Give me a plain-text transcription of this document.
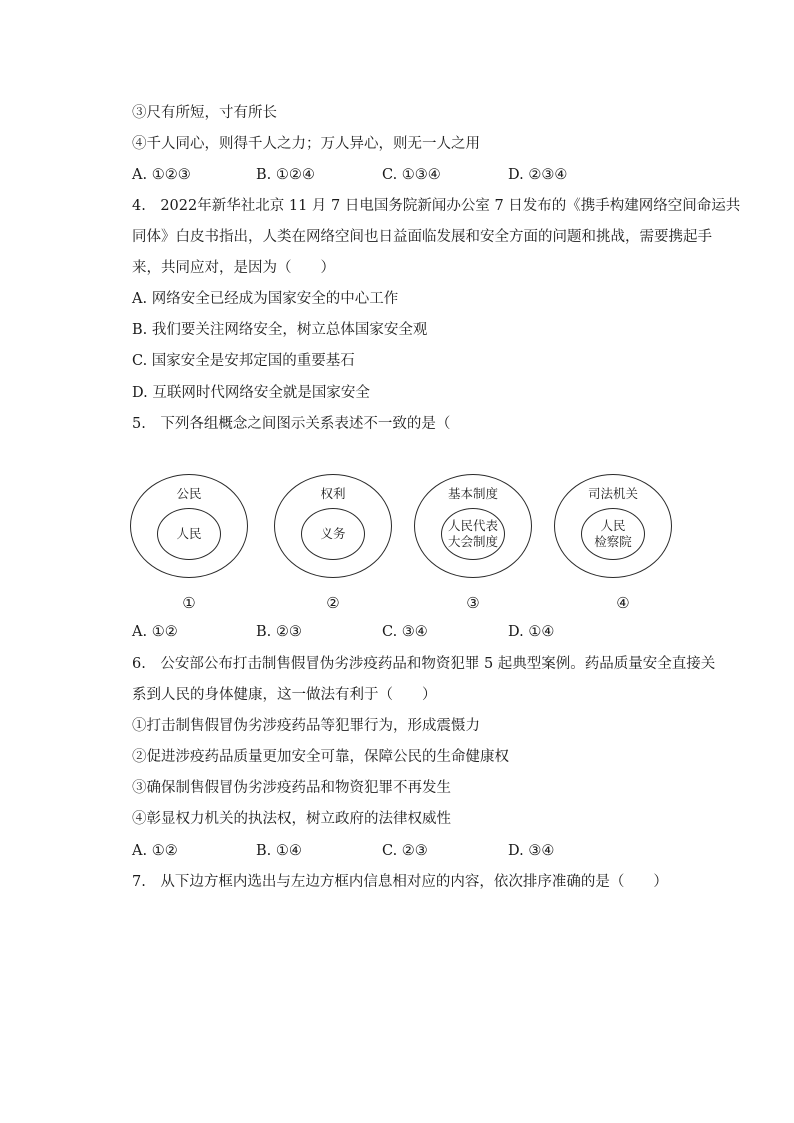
③尺有所短，寸有所长
④千人同心，则得千人之力；万人异心，则无一人之用
A. ①②③	B. ①②④	C. ①③④	D. ②③④
4.　2022年新华社北京 11 月 7 日电国务院新闻办公室 7 日发布的《携手构建网络空间命运共
同体》白皮书指出，人类在网络空间也日益面临发展和安全方面的问题和挑战，需要携起手
来，共同应对，是因为（　　）
A. 网络安全已经成为国家安全的中心工作
B. 我们要关注网络安全，树立总体国家安全观
C. 国家安全是安邦定国的重要基石
D. 互联网时代网络安全就是国家安全
5.　下列各组概念之间图示关系表述不一致的是（
公民
人民
①
权利
义务
②
基本制度
人民代表
大会制度
③
司法机关
人民
检察院
④
A. ①②	B. ②③	C. ③④	D. ①④
6.　公安部公布打击制售假冒伪劣涉疫药品和物资犯罪 5 起典型案例。药品质量安全直接关
系到人民的身体健康，这一做法有利于（　　）
①打击制售假冒伪劣涉疫药品等犯罪行为，形成震慑力
②促进涉疫药品质量更加安全可靠，保障公民的生命健康权
③确保制售假冒伪劣涉疫药品和物资犯罪不再发生
④彰显权力机关的执法权，树立政府的法律权威性
A. ①②	B. ①④	C. ②③	D. ③④
7.　从下边方框内选出与左边方框内信息相对应的内容，依次排序准确的是（　　）
